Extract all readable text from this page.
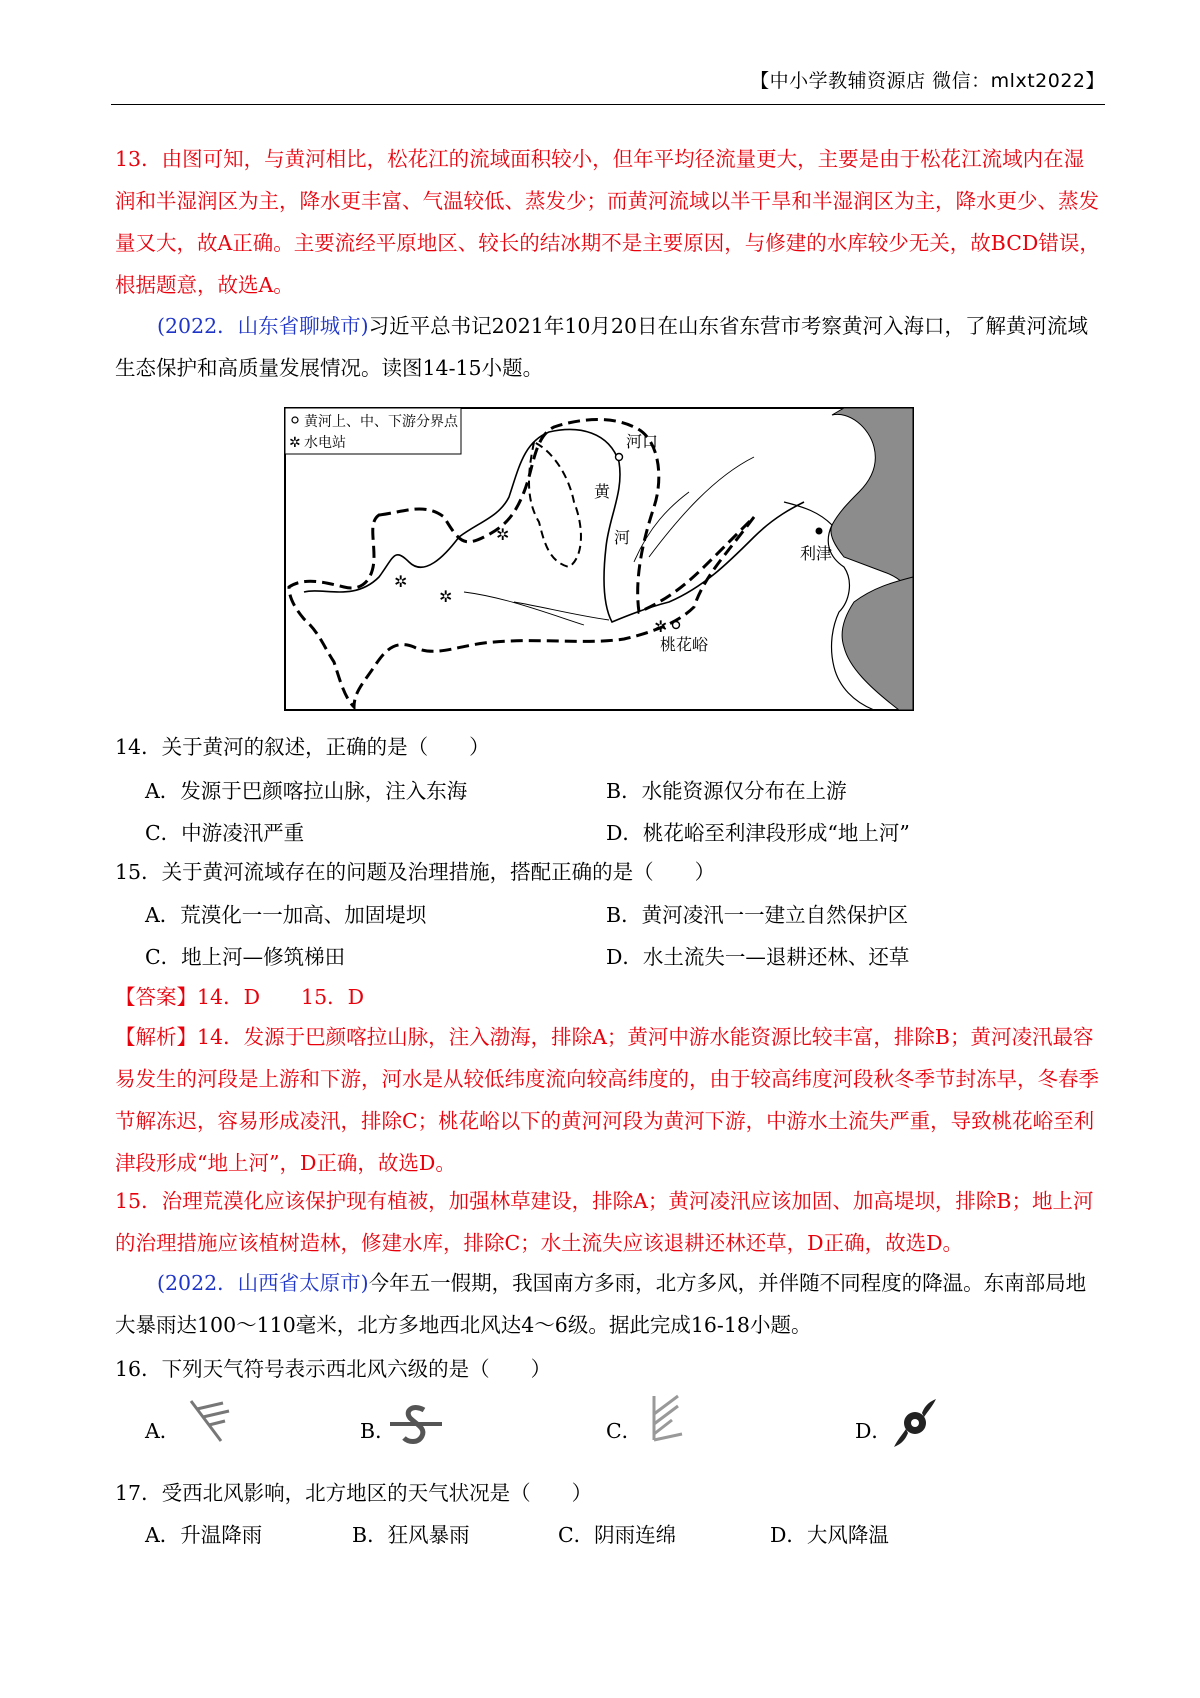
【中小学教辅资源店 微信：mlxt2022】
13．由图可知，与黄河相比，松花江的流域面积较小，但年平均径流量更大，主要是由于松花江流域内在湿润和半湿润区为主，降水更丰富、气温较低、蒸发少；而黄河流域以半干旱和半湿润区为主，降水更少、蒸发量又大，故A正确。主要流经平原地区、较长的结冰期不是主要原因，与修建的水库较少无关，故BCD错误，根据题意，故选A。
(2022．山东省聊城市)习近平总书记2021年10月20日在山东省东营市考察黄河入海口，了解黄河流域生态保护和高质量发展情况。读图14-15小题。
黄河上、中、下游分界点
✲ 水电站
✲
✲
✲
✲
河口
黄
河
利津
桃花峪
14．关于黄河的叙述，正确的是（　　）
A．发源于巴颜喀拉山脉，注入东海	B．水能资源仅分布在上游
C．中游凌汛严重	D．桃花峪至利津段形成“地上河”
15．关于黄河流域存在的问题及治理措施，搭配正确的是（　　）
A．荒漠化一一加高、加固堤坝	B．黄河凌汛一一建立自然保护区
C．地上河—修筑梯田	D．水土流失一—退耕还林、还草
【答案】14．D　　15．D
【解析】14．发源于巴颜喀拉山脉，注入渤海，排除A；黄河中游水能资源比较丰富，排除B；黄河凌汛最容易发生的河段是上游和下游，河水是从较低纬度流向较高纬度的，由于较高纬度河段秋冬季节封冻早，冬春季节解冻迟，容易形成凌汛，排除C；桃花峪以下的黄河河段为黄河下游，中游水土流失严重，导致桃花峪至利津段形成“地上河”，D正确，故选D。
15．治理荒漠化应该保护现有植被，加强林草建设，排除A；黄河凌汛应该加固、加高堤坝，排除B；地上河的治理措施应该植树造林，修建水库，排除C；水土流失应该退耕还林还草，D正确，故选D。
(2022．山西省太原市)今年五一假期，我国南方多雨，北方多风，并伴随不同程度的降温。东南部局地大暴雨达100～110毫米，北方多地西北风达4～6级。据此完成16-18小题。
16．下列天气符号表示西北风六级的是（　　）
A．	B．	C．	D．
17．受西北风影响，北方地区的天气状况是（　　）
A．升温降雨	B．狂风暴雨	C．阴雨连绵	D．大风降温
